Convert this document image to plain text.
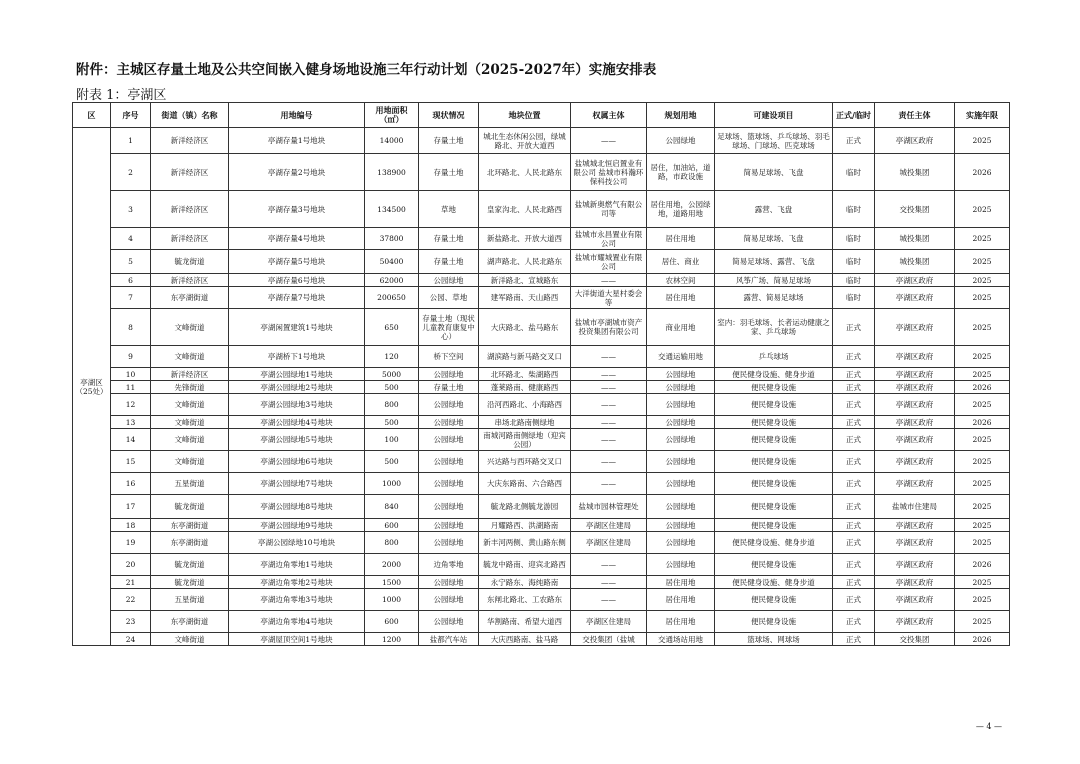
附件：主城区存量土地及公共空间嵌入健身场地设施三年行动计划（2025-2027年）实施安排表
附表 1：亭湖区
区	序号	街道（镇）名称	用地编号	用地面积（㎡）	现状情况	地块位置	权属主体	规划用地	可建设项目	正式/临时	责任主体	实施年限
亭湖区（25处）	1	新洋经济区	亭湖存量1号地块	14000	存量土地	城北生态休闲公园，绿城路北、开放大道西	——	公园绿地	足球场、篮球场、乒乓球场、羽毛球场、门球场、匹克球场	正式	亭湖区政府	2025
	2	新洋经济区	亭湖存量2号地块	138900	存量土地	北环路北、人民北路东	盐城城北恒启置业有限公司 盐城市科瀚环保科技公司	居住，加油站，道路，市政设施	简易足球场、飞盘	临时	城投集团	2026
	3	新洋经济区	亭湖存量3号地块	134500	草地	皇家沟北、人民北路西	盐城新奥燃气有限公司等	居住用地，公园绿地，道路用地	露营、飞盘	临时	交投集团	2025
	4	新洋经济区	亭湖存量4号地块	37800	存量土地	新盐路北、开放大道西	盐城市永昌置业有限公司	居住用地	简易足球场、飞盘	临时	城投集团	2025
	5	毓龙街道	亭湖存量5号地块	50400	存量土地	湖声路北、人民北路东	盐城市耀城置业有限公司	居住、商业	简易足球场、露营、飞盘	临时	城投集团	2025
	6	新洋经济区	亭湖存量6号地块	62000	公园绿地	新洋路北、宣城路东	——	农林空间	风筝广场、简易足球场	临时	亭湖区政府	2025
	7	东亭湖街道	亭湖存量7号地块	200650	公园、草地	建军路南、天山路西	大洋街道大星村委会等	居住用地	露营、简易足球场	临时	亭湖区政府	2025
	8	文峰街道	亭湖闲置建筑1号地块	650	存量土地（现状儿童教育康复中心）	大庆路北、盐马路东	盐城市亭湖城市资产投资集团有限公司	商业用地	室内：羽毛球场、长者运动健康之家、乒乓球场	正式	亭湖区政府	2025
	9	文峰街道	亭湖桥下1号地块	120	桥下空间	湖滨路与新马路交叉口	——	交通运输用地	乒乓球场	正式	亭湖区政府	2025
	10	新洋经济区	亭湖公园绿地1号地块	5000	公园绿地	北环路北、柴湖路西	——	公园绿地	便民健身设施、健身步道	正式	亭湖区政府	2025
	11	先锋街道	亭湖公园绿地2号地块	500	存量土地	蓬莱路南、健康路西	——	公园绿地	便民健身设施	正式	亭湖区政府	2026
	12	文峰街道	亭湖公园绿地3号地块	800	公园绿地	沿河西路北、小海路西	——	公园绿地	便民健身设施	正式	亭湖区政府	2025
	13	文峰街道	亭湖公园绿地4号地块	500	公园绿地	串场北路南侧绿地	——	公园绿地	便民健身设施	正式	亭湖区政府	2026
	14	文峰街道	亭湖公园绿地5号地块	100	公园绿地	南城河路南侧绿地（迎宾公园）	——	公园绿地	便民健身设施	正式	亭湖区政府	2025
	15	文峰街道	亭湖公园绿地6号地块	500	公园绿地	兴达路与西环路交叉口	——	公园绿地	便民健身设施	正式	亭湖区政府	2025
	16	五星街道	亭湖公园绿地7号地块	1000	公园绿地	大庆东路南、六合路西	——	公园绿地	便民健身设施	正式	亭湖区政府	2025
	17	毓龙街道	亭湖公园绿地8号地块	840	公园绿地	毓龙路北侧毓龙游园	盐城市园林管理处	公园绿地	便民健身设施	正式	盐城市住建局	2025
	18	东亭湖街道	亭湖公园绿地9号地块	600	公园绿地	月耀路西、洪湖路南	亭湖区住建局	公园绿地	便民健身设施	正式	亭湖区政府	2025
	19	东亭湖街道	亭湖公园绿地10号地块	800	公园绿地	新丰河两侧、黄山路东侧	亭湖区住建局	公园绿地	便民健身设施、健身步道	正式	亭湖区政府	2025
	20	毓龙街道	亭湖边角零地1号地块	2000	边角零地	毓龙中路南、迎宾北路西	——	公园绿地	便民健身设施	正式	亭湖区政府	2026
	21	毓龙街道	亭湖边角零地2号地块	1500	公园绿地	永宁路东、海纯路南	——	居住用地	便民健身设施、健身步道	正式	亭湖区政府	2025
	22	五星街道	亭湖边角零地3号地块	1000	公园绿地	东闸北路北、工农路东	——	居住用地	便民健身设施	正式	亭湖区政府	2025
	23	东亭湖街道	亭湖边角零地4号地块	600	公园绿地	华割路南、希望大道西	亭湖区住建局	居住用地	便民健身设施	正式	亭湖区政府	2025
	24	文峰街道	亭湖屋顶空间1号地块	1200	盐都汽车站	大庆西路南、盐马路	交投集团（盐城	交通场站用地	篮球场、网球场	正式	交投集团	2026
— 4 —
